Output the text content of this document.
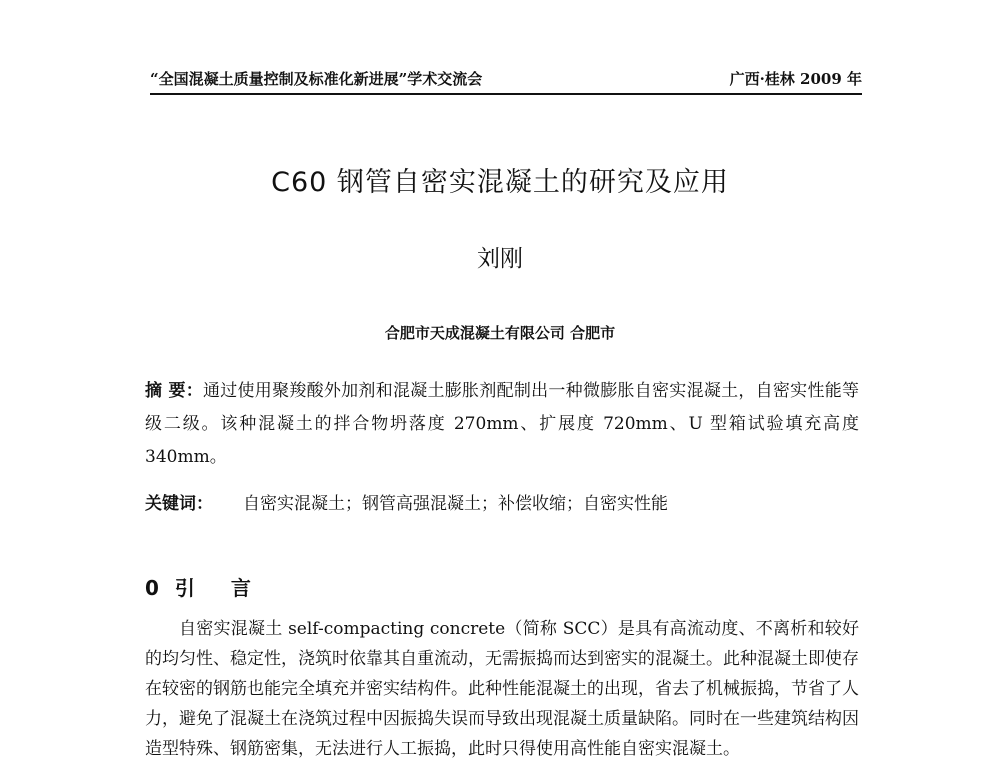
“全国混凝土质量控制及标准化新进展”学术交流会	广西·桂林 2009 年
C60 钢管自密实混凝土的研究及应用
刘刚
合肥市天成混凝土有限公司 合肥市

摘 要：通过使用聚羧酸外加剂和混凝土膨胀剂配制出一种微膨胀自密实混凝土，自密实性能等级二级。该种混凝土的拌合物坍落度 270mm、扩展度 720mm、U 型箱试验填充高度 340mm。

关键词： 自密实混凝土；钢管高强混凝土；补偿收缩；自密实性能
0 引言

自密实混凝土 self-compacting concrete（简称 SCC）是具有高流动度、不离析和较好的均匀性、稳定性，浇筑时依靠其自重流动，无需振捣而达到密实的混凝土。此种混凝土即使存在较密的钢筋也能完全填充并密实结构件。此种性能混凝土的出现，省去了机械振捣，节省了人力，避免了混凝土在浇筑过程中因振捣失误而导致出现混凝土质量缺陷。同时在一些建筑结构因造型特殊、钢筋密集，无法进行人工振捣，此时只得使用高性能自密实混凝土。
